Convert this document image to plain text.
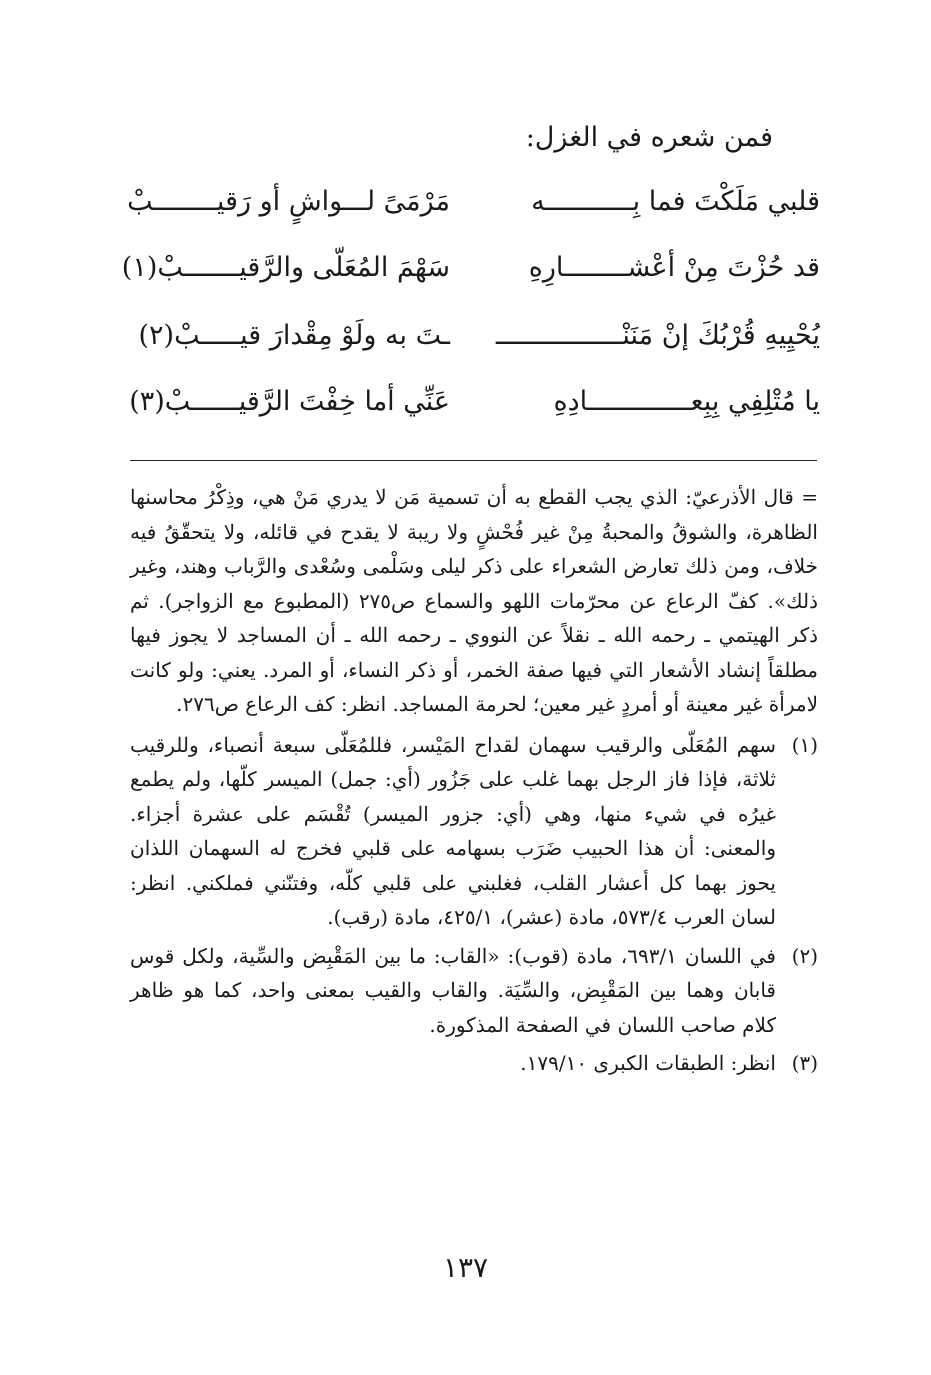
فمن شعره في الغزل:
قلبي مَلَكْتَ فما بِـــــــــــه
مَرْمَىً لـــواشٍ أو رَقيــــــــبْ
قد حُزْتَ مِنْ أعْشــــــــارِهِ
سَهْمَ المُعَلّى والرَّقيـــــــبْ(١)
يُحْيِيهِ قُرْبُكَ إنْ مَنَنْــــــــــــــــ
ـتَ به ولَوْ مِقْدارَ قيـــــبْ(٢)
يا مُتْلِفِي بِبِعـــــــــــــادِهِ
عَنِّي أما خِفْتَ الرَّقيــــــبْ(٣)

= قال الأذرعيّ: الذي يجب القطع به أن تسمية مَن لا يدري مَنْ هي، وذِكْرُ محاسنها الظاهرة، والشوقُ والمحبةُ مِنْ غير فُحْشٍ ولا ريبة لا يقدح في قائله، ولا يتحقّقُ فيه خلاف، ومن ذلك تعارض الشعراء على ذكر ليلى وسَلْمى وسُعْدى والرَّباب وهند، وغير ذلك». كفّ الرعاع عن محرّمات اللهو والسماع ص٢٧٥ (المطبوع مع الزواجر). ثم ذكر الهيتمي ـ رحمه الله ـ نقلاً عن النووي ـ رحمه الله ـ أن المساجد لا يجوز فيها مطلقاً إنشاد الأشعار التي فيها صفة الخمر، أو ذكر النساء، أو المرد. يعني: ولو كانت لامرأة غير معينة أو أمردٍ غير معين؛ لحرمة المساجد. انظر: كف الرعاع ص٢٧٦.

(١)
سهم المُعَلّى والرقيب سهمان لقداح المَيْسر، فللمُعَلّى سبعة أنصباء، وللرقيب ثلاثة، فإذا فاز الرجل بهما غلب على جَزُور (أي: جمل) الميسر كلّها، ولم يطمع غيرُه في شيء منها، وهي (أي: جزور الميسر) تُقْسَم على عشرة أجزاء. والمعنى: أن هذا الحبيب ضَرَب بسهامه على قلبي فخرج له السهمان اللذان يحوز بهما كل أعشار القلب، فغلبني على قلبي كلّه، وفتنّني فملكني. انظر: لسان العرب ٥٧٣/٤، مادة (عشر)، ٤٢٥/١، مادة (رقب).

(٢)
في اللسان ٦٩٣/١، مادة (قوب): «القاب: ما بين المَقْبِض والسِّية، ولكل قوس قابان وهما بين المَقْبِض، والسِّيَة. والقاب والقيب بمعنى واحد، كما هو ظاهر كلام صاحب اللسان في الصفحة المذكورة.

(٣)
انظر: الطبقات الكبرى ١٧٩/١٠.

١٣٧
